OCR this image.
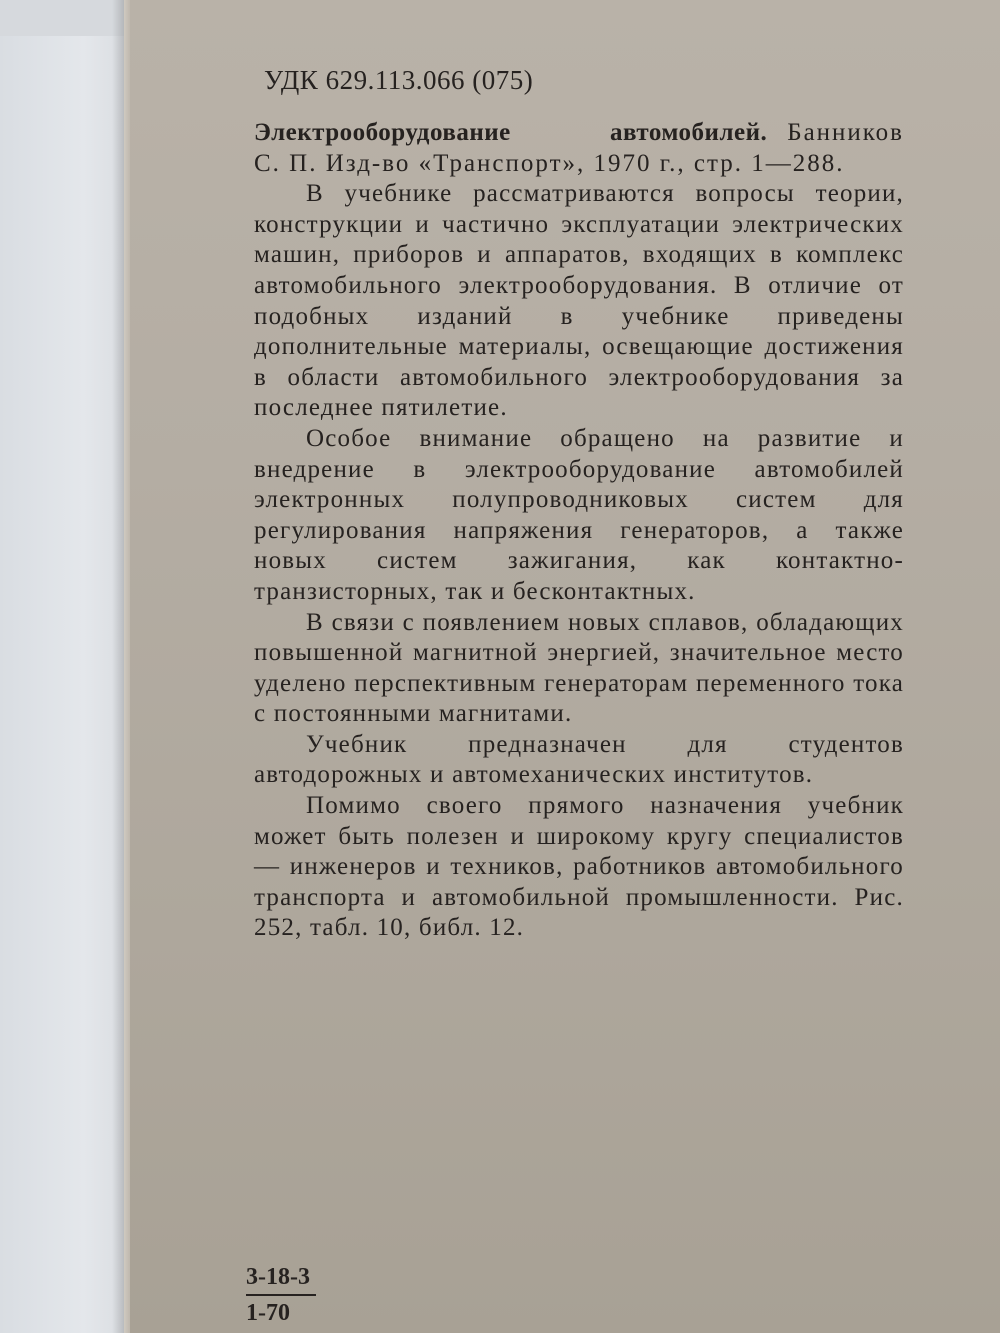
УДК 629.113.066 (075)

Электрооборудование автомобилей. Банников С. П. Изд-во «Транспорт», 1970 г., стр. 1—288.

В учебнике рассматриваются вопросы теории, конструкции и частично эксплуатации электрических машин, приборов и аппаратов, входящих в комплекс автомобильного электрооборудования. В отличие от подобных изданий в учебнике приведены дополнительные материалы, освещающие достижения в области автомобильного электрооборудования за последнее пятилетие.

Особое внимание обращено на развитие и внедрение в электрооборудование автомобилей электронных полупроводниковых систем для регулирования напряжения генераторов, а также новых систем зажигания, как контактно-транзисторных, так и бесконтактных.

В связи с появлением новых сплавов, обладающих повышенной магнитной энергией, значительное место уделено перспективным генераторам переменного тока с постоянными магнитами.

Учебник предназначен для студентов автодорожных и автомеханических институтов.

Помимо своего прямого назначения учебник может быть полезен и широкому кругу специалистов — инженеров и техников, работников автомобильного транспорта и автомобильной промышленности. Рис. 252, табл. 10, библ. 12.

3-18-3
1-70
